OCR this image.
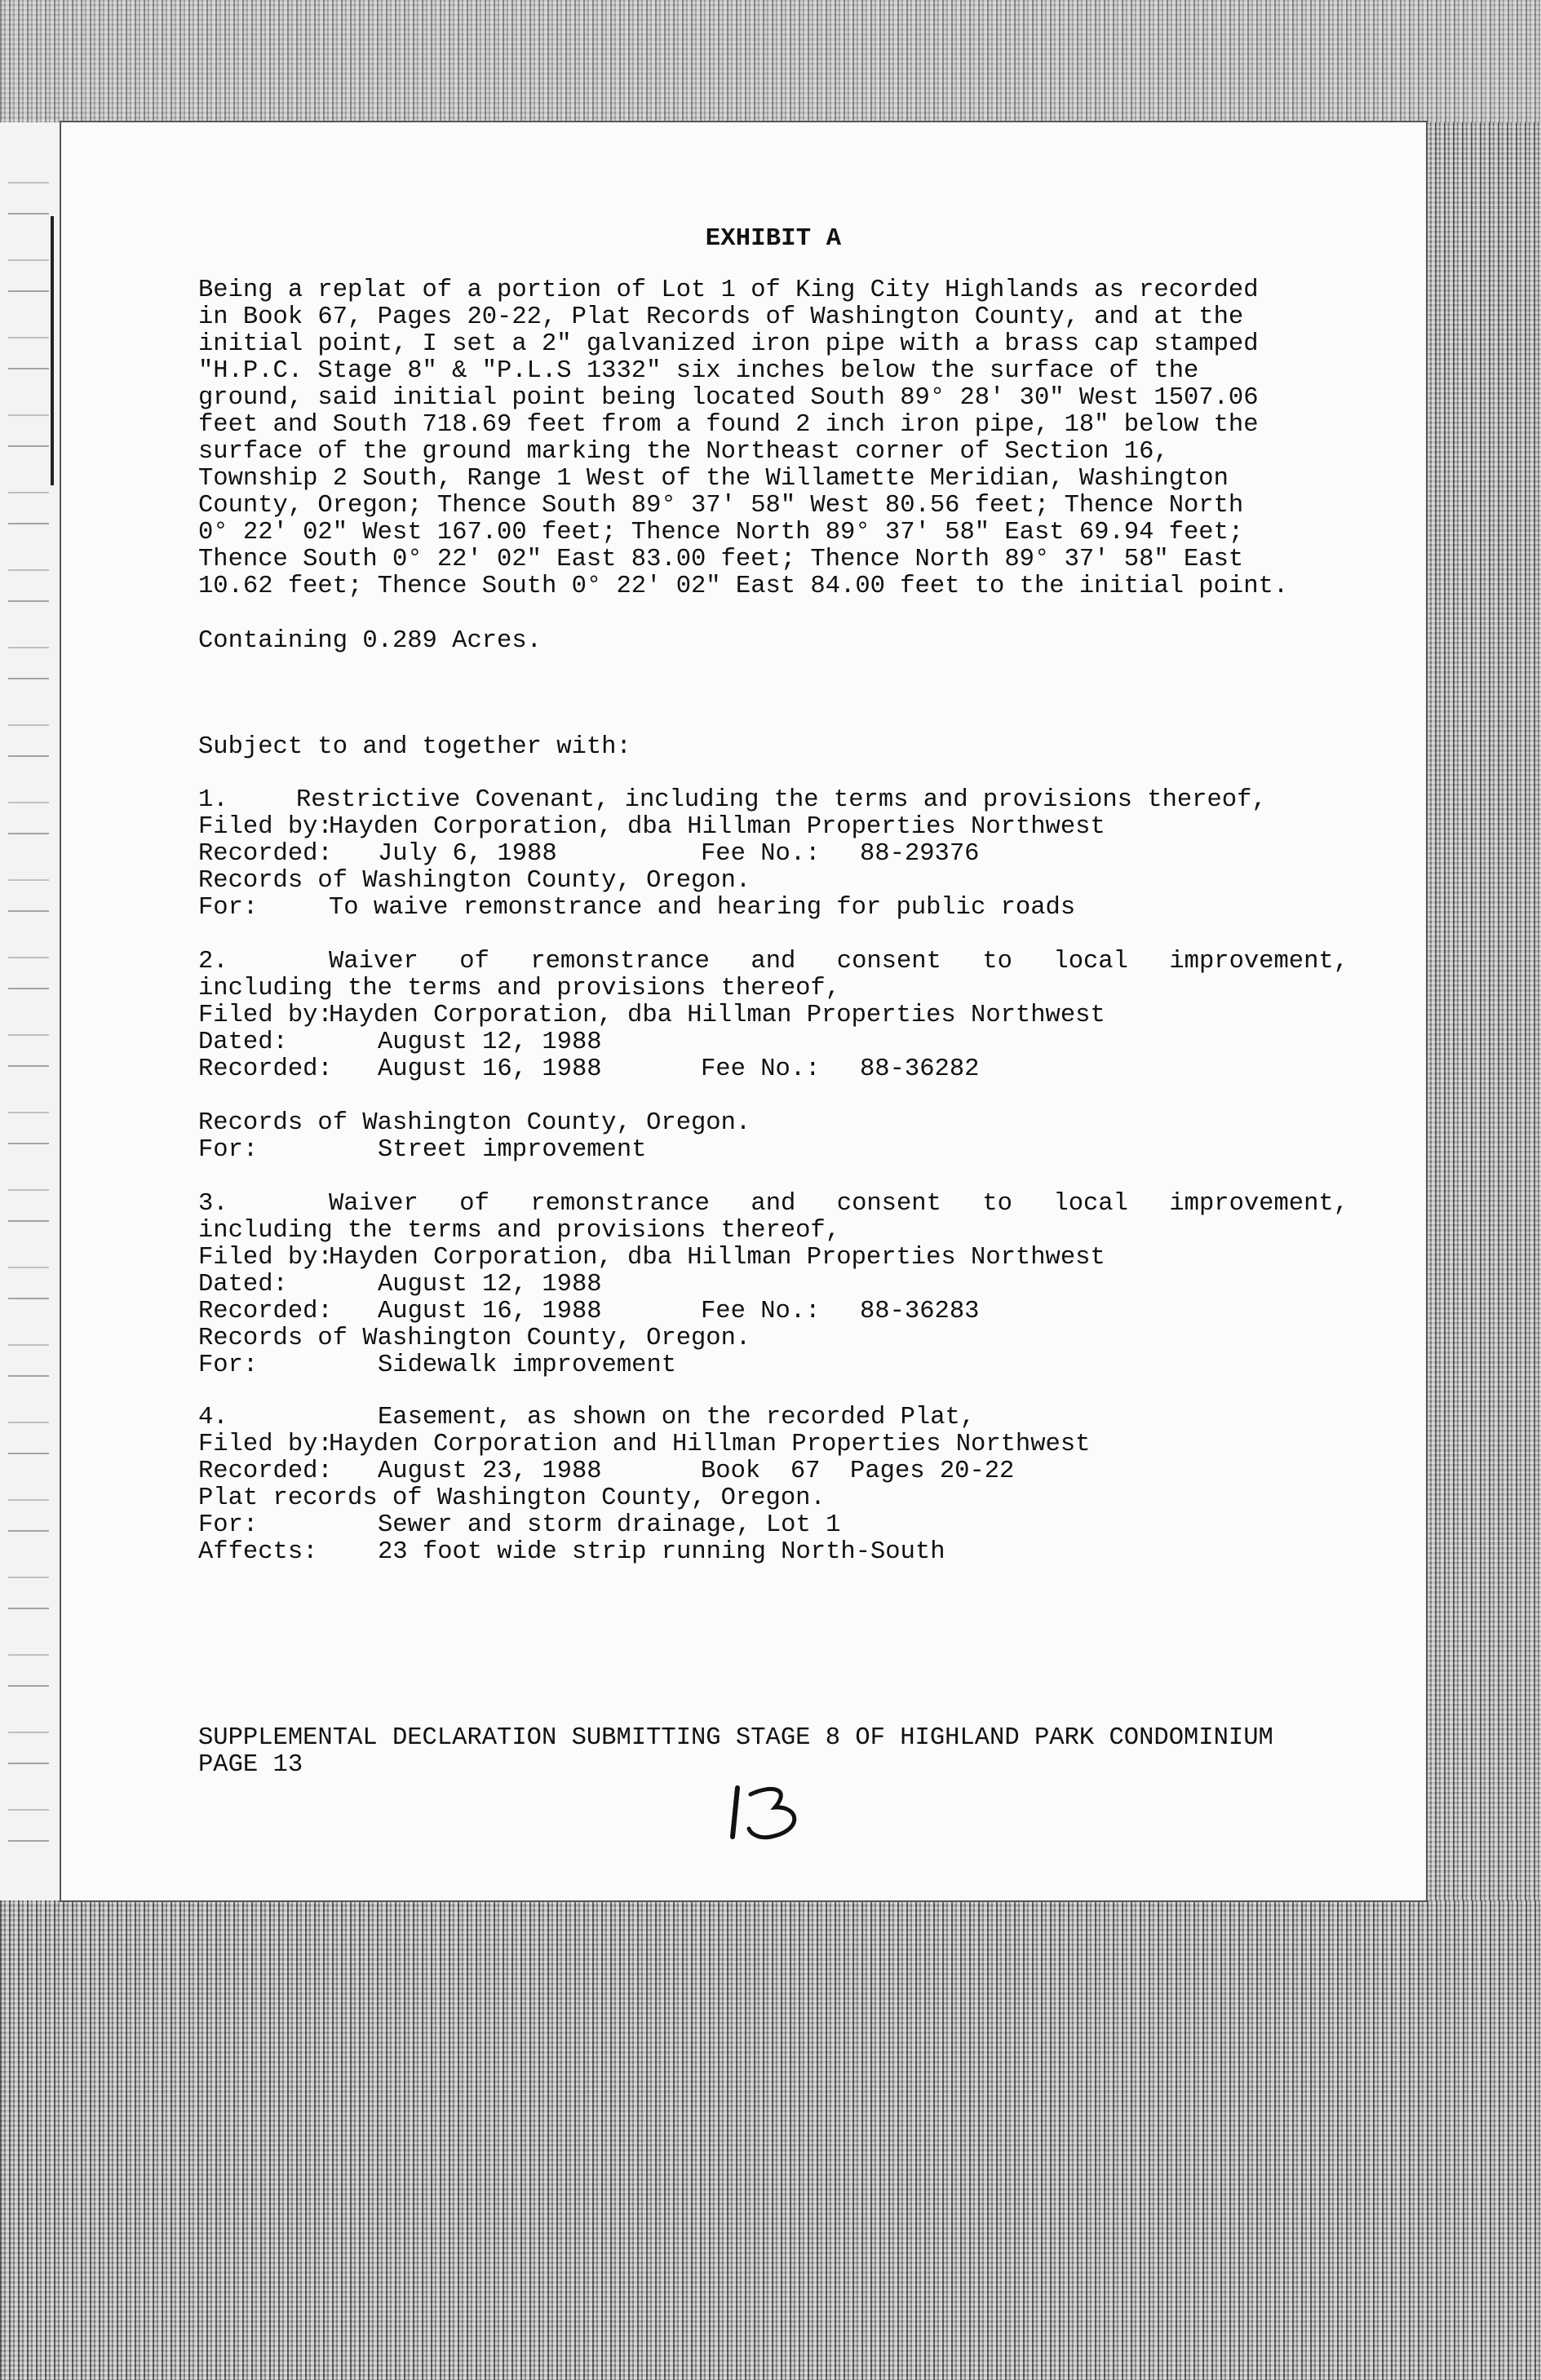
EXHIBIT A
Being a replat of a portion of Lot 1 of King City Highlands as recorded
in Book 67, Pages 20-22, Plat Records of Washington County, and at the
initial point, I set a 2" galvanized iron pipe with a brass cap stamped
"H.P.C. Stage 8" & "P.L.S 1332" six inches below the surface of the
ground, said initial point being located South 89° 28' 30" West 1507.06
feet and South 718.69 feet from a found 2 inch iron pipe, 18" below the
surface of the ground marking the Northeast corner of Section 16,
Township 2 South, Range 1 West of the Willamette Meridian, Washington
County, Oregon; Thence South 89° 37' 58" West 80.56 feet; Thence North
0° 22' 02" West 167.00 feet; Thence North 89° 37' 58" East 69.94 feet;
Thence South 0° 22' 02" East 83.00 feet; Thence North 89° 37' 58" East
10.62 feet; Thence South 0° 22' 02" East 84.00 feet to the initial point.
Containing 0.289 Acres.
Subject to and together with:
1.	Restrictive Covenant, including the terms and provisions thereof,
Filed by:
Hayden Corporation, dba Hillman Properties Northwest
Recorded:	July 6, 1988	Fee No.:	88-29376
Records of Washington County, Oregon.
For:	To waive remonstrance and hearing for public roads
2.	Waiver of remonstrance and consent to local improvement,
including the terms and provisions thereof,
Filed by:
Hayden Corporation, dba Hillman Properties Northwest
Dated:	August 12, 1988
Recorded:	August 16, 1988	Fee No.:	88-36282
Records of Washington County, Oregon.
For:	Street improvement
3.	Waiver of remonstrance and consent to local improvement,
including the terms and provisions thereof,
Filed by:
Hayden Corporation, dba Hillman Properties Northwest
Dated:	August 12, 1988
Recorded:	August 16, 1988	Fee No.:	88-36283
Records of Washington County, Oregon.
For:	Sidewalk improvement
4.	Easement, as shown on the recorded Plat,
Filed by:
Hayden Corporation and Hillman Properties Northwest
Recorded:	August 23, 1988	Book  67  Pages 20-22
Plat records of Washington County, Oregon.
For:	Sewer and storm drainage, Lot 1
Affects:	23 foot wide strip running North-South
SUPPLEMENTAL DECLARATION SUBMITTING STAGE 8 OF HIGHLAND PARK CONDOMINIUM
PAGE 13
